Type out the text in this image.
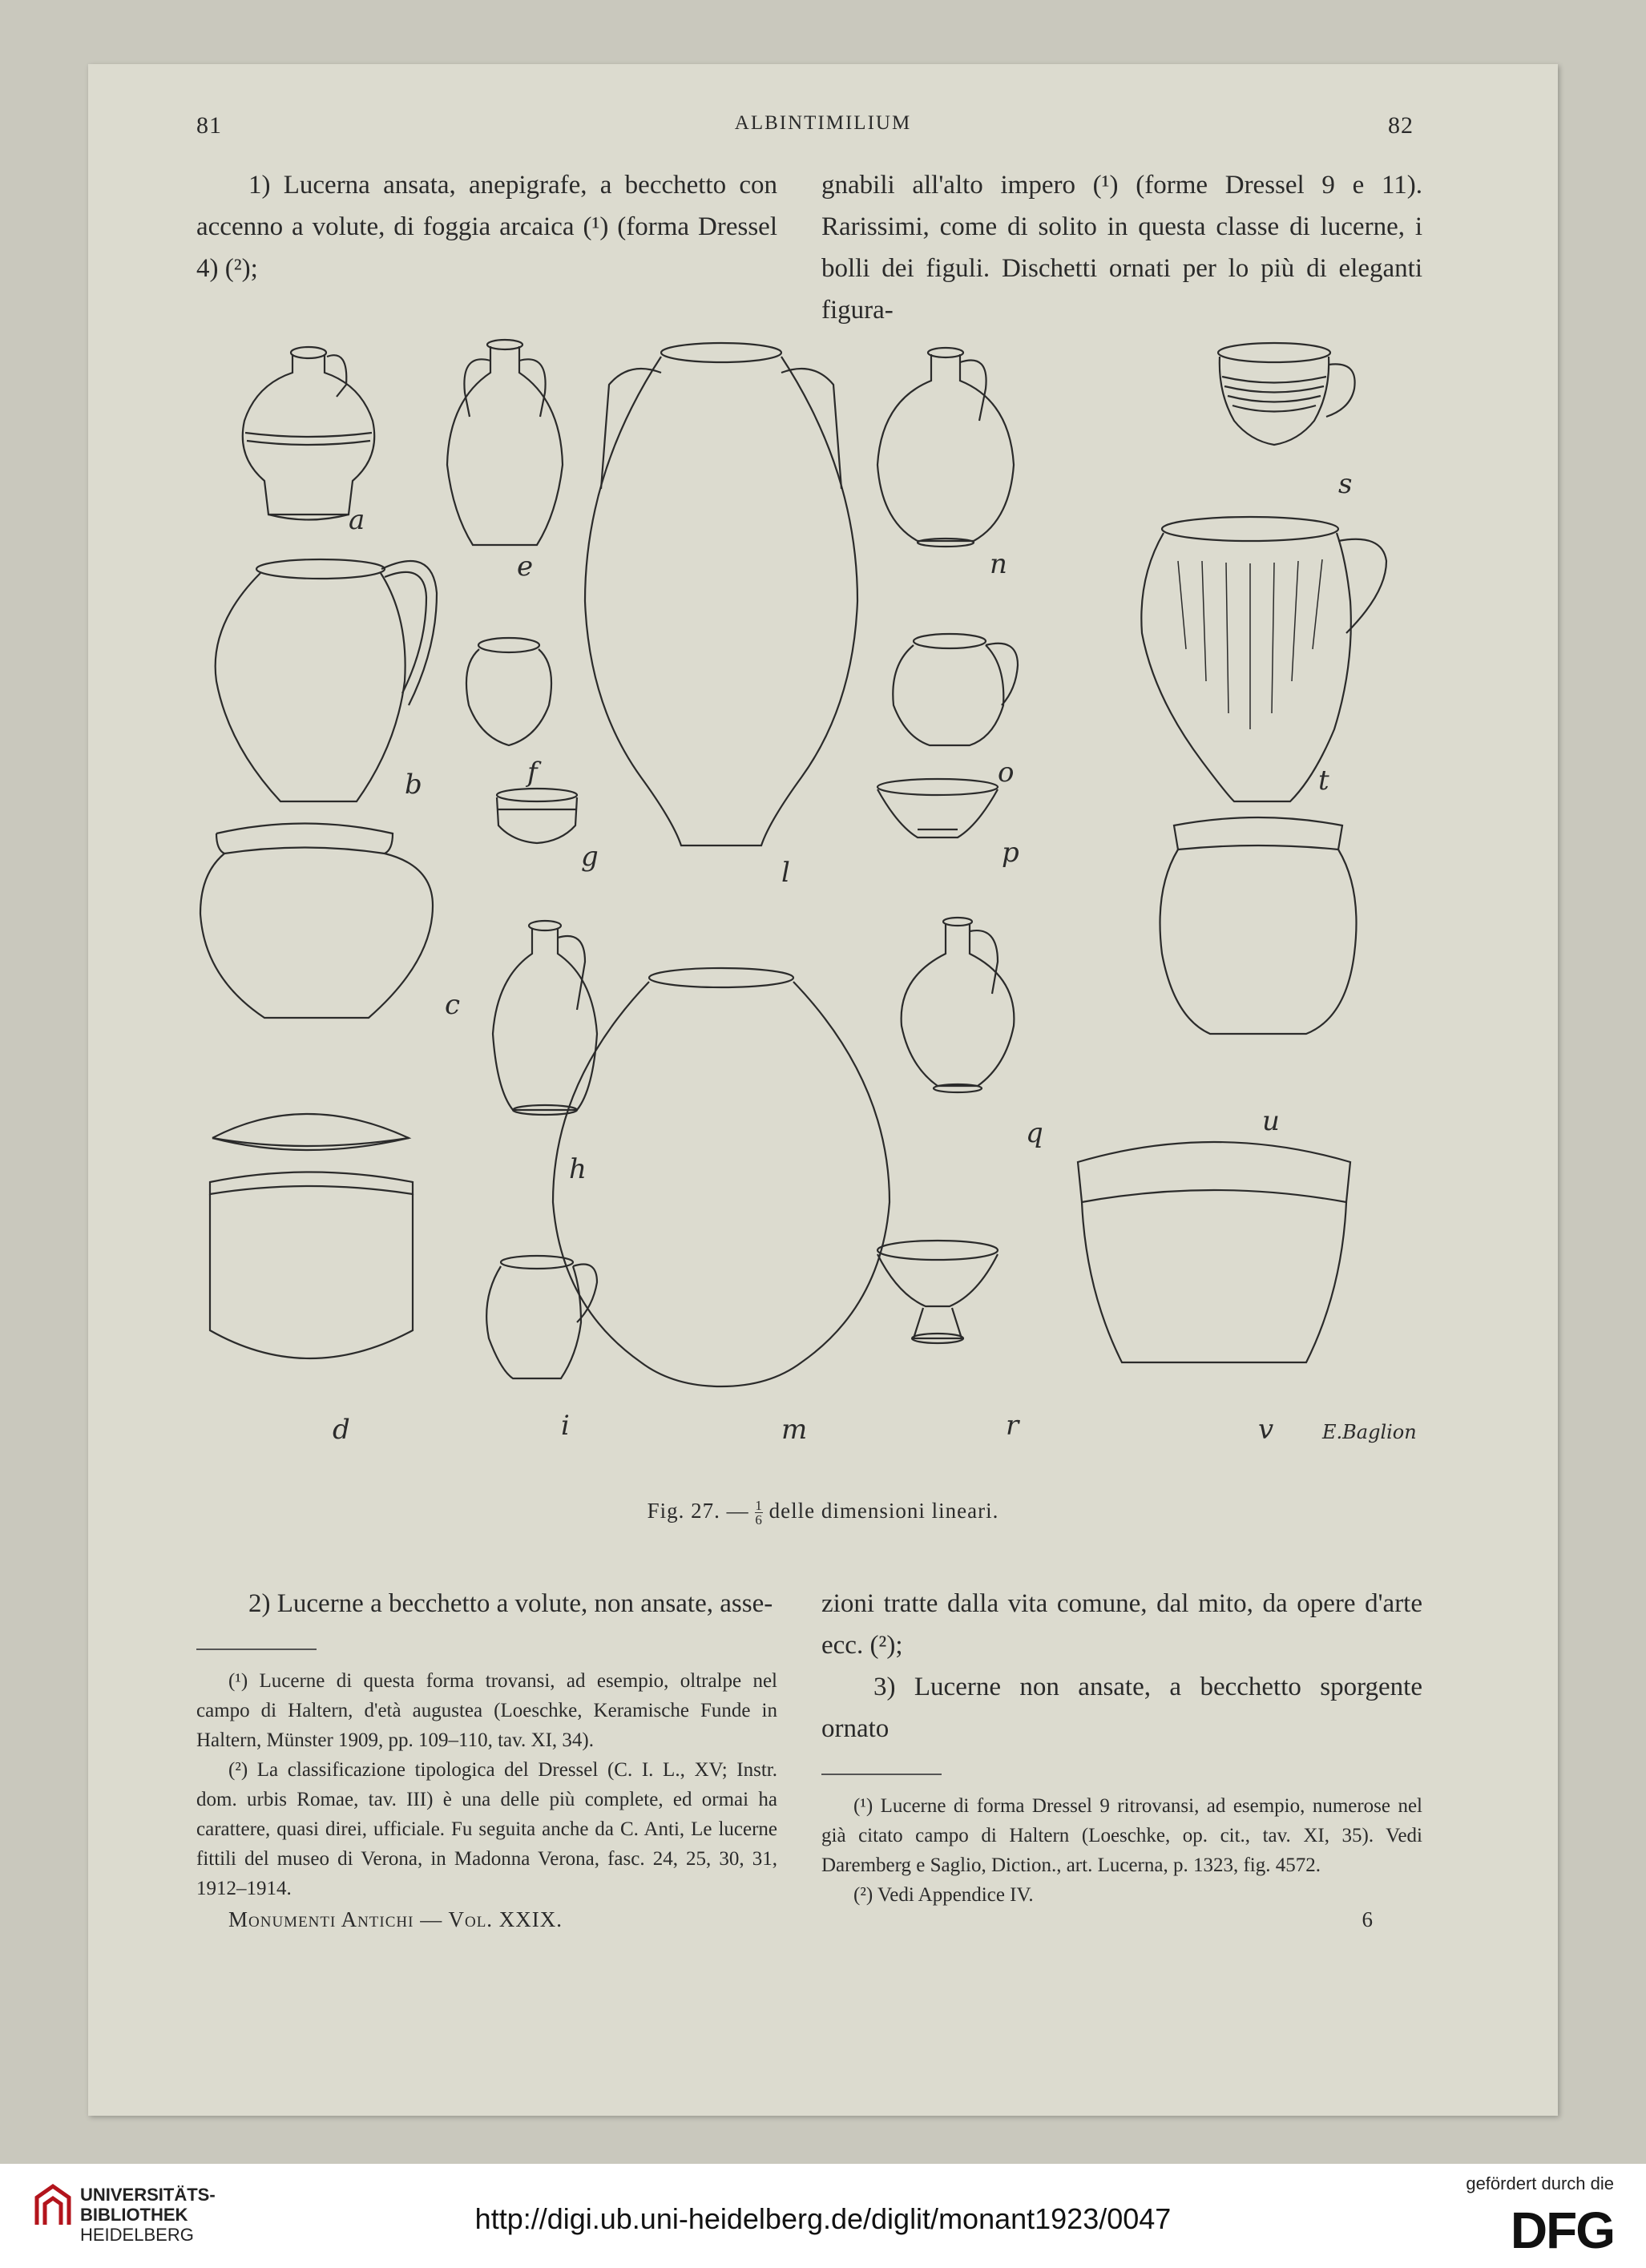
81	ALBINTIMILIUM	82

1) Lucerna ansata, anepigrafe, a becchetto con accenno a volute, di foggia arcaica (¹) (forma Dressel 4) (²);

gnabili all'alto impero (¹) (forme Dressel 9 e 11). Rarissimi, come di solito in questa classe di lucerne, i bolli dei figuli. Dischetti ornati per lo più di eleganti figura-

a
b
c
d
e
f
g
h
i
l
m
n
o
p
q
r
s
t
u
v	E.Baglion
Fig. 27. — $\frac{1}{6}$ delle dimensioni lineari.

2) Lucerne a becchetto a volute, non ansate, asse-

(¹) Lucerne di questa forma trovansi, ad esempio, oltralpe nel campo di Haltern, d'età augustea (Loeschke, Keramische Funde in Haltern, Münster 1909, pp. 109–110, tav. XI, 34).

(²) La classificazione tipologica del Dressel (C. I. L., XV; Instr. dom. urbis Romae, tav. III) è una delle più complete, ed ormai ha carattere, quasi direi, ufficiale. Fu seguita anche da C. Anti, Le lucerne fittili del museo di Verona, in Madonna Verona, fasc. 24, 25, 30, 31, 1912–1914.

zioni tratte dalla vita comune, dal mito, da opere d'arte ecc. (²);

3) Lucerne non ansate, a becchetto sporgente ornato

(¹) Lucerne di forma Dressel 9 ritrovansi, ad esempio, numerose nel già citato campo di Haltern (Loeschke, op. cit., tav. XI, 35). Vedi Daremberg e Saglio, Diction., art. Lucerna, p. 1323, fig. 4572.

(²) Vedi Appendice IV.

Monumenti Antichi — Vol. XXIX.	6
UNIVERSITÄTS-
BIBLIOTHEK
HEIDELBERG	http://digi.ub.uni-heidelberg.de/diglit/monant1923/0047
gefördert durch die
DFG
